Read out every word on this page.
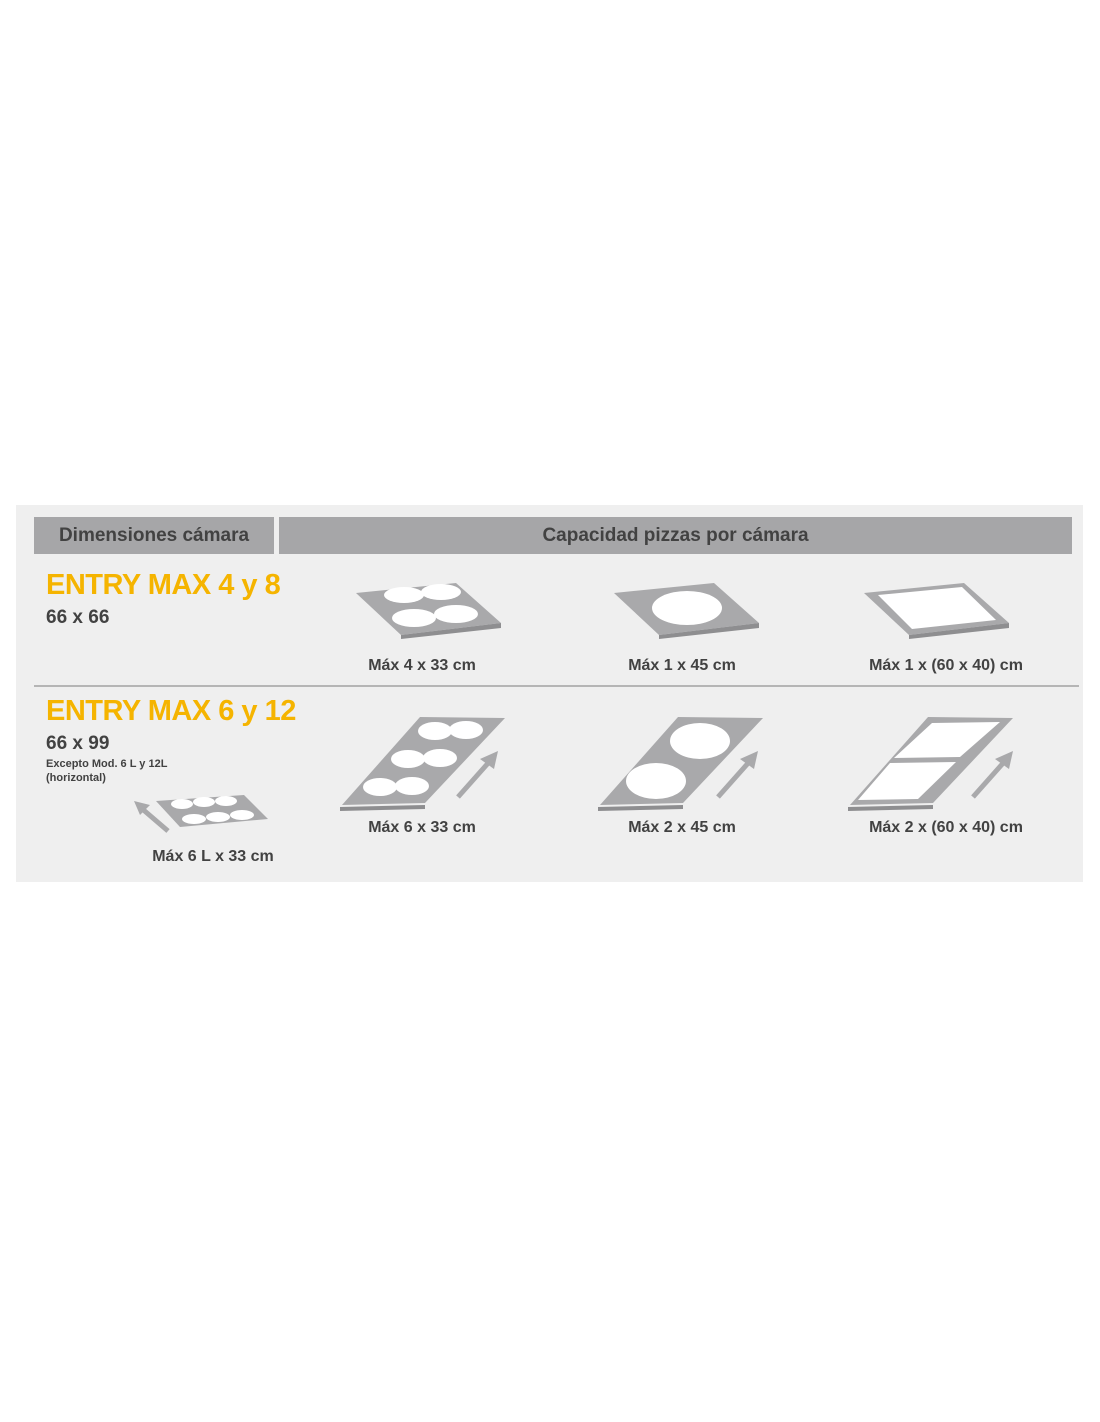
Dimensiones cámara	Capacidad pizzas por cámara
ENTRY MAX 4 y 8
66 x 66
Máx 4 x 33 cm	Máx 1 x 45 cm	Máx 1 x (60 x 40) cm
ENTRY MAX 6 y 12
66 x 99
Excepto Mod. 6 L y 12L
(horizontal)
Máx 6 L x 33 cm
Máx 6 x 33 cm	Máx 2 x 45 cm	Máx 2 x (60 x 40) cm
